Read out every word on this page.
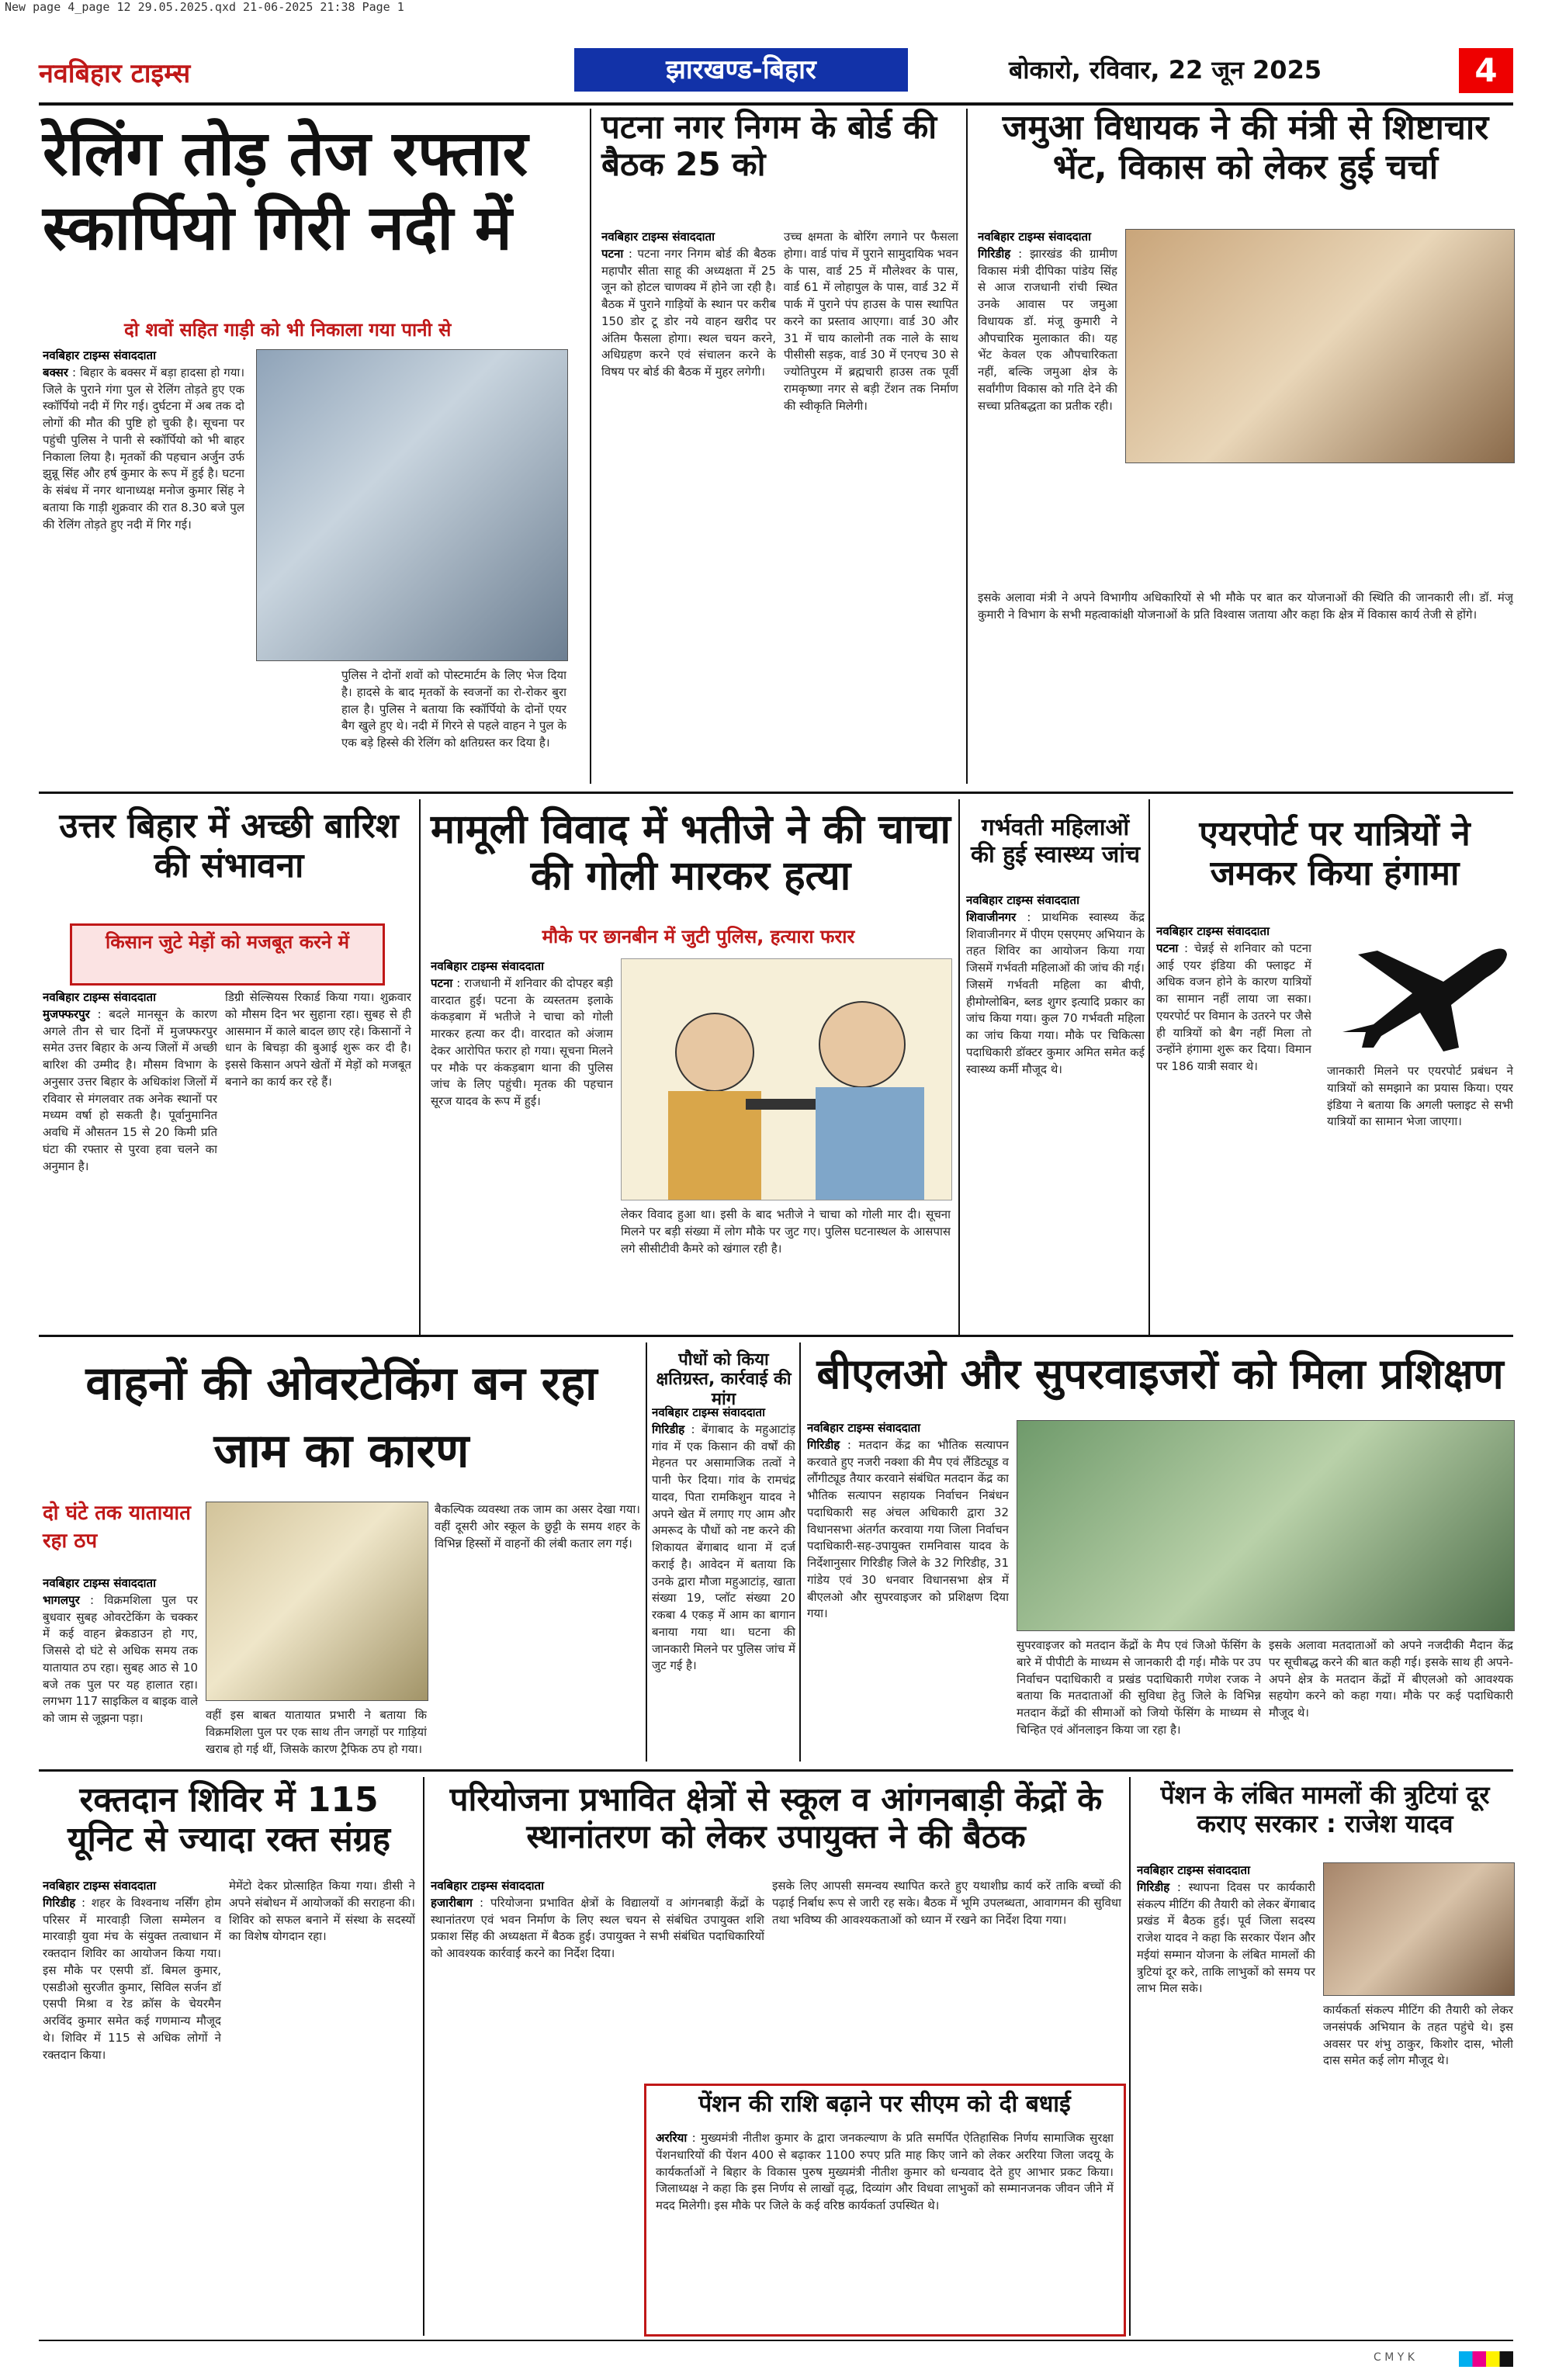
New page 4_page 12 29.05.2025.qxd 21-06-2025 21:38 Page 1
नवबिहार टाइम्स	झारखण्ड-बिहार	बोकारो, रविवार, 22 जून 2025	4
रेलिंग तोड़ तेज रफ्तार स्कार्पियो गिरी नदी में
दो शवों सहित गाड़ी को भी निकाला गया पानी से
नवबिहार टाइम्स संवाददाता
बक्सर : बिहार के बक्सर में बड़ा हादसा हो गया। जिले के पुराने गंगा पुल से रेलिंग तोड़ते हुए एक स्कॉर्पियो नदी में गिर गई। दुर्घटना में अब तक दो लोगों की मौत की पुष्टि हो चुकी है। सूचना पर पहुंची पुलिस ने पानी से स्कॉर्पियो को भी बाहर निकाला लिया है। मृतकों की पहचान अर्जुन उर्फ झुन्नू सिंह और हर्ष कुमार के रूप में हुई है। घटना के संबंध में नगर थानाध्यक्ष मनोज कुमार सिंह ने बताया कि गाड़ी शुक्रवार की रात 8.30 बजे पुल की रेलिंग तोड़ते हुए नदी में गिर गई।
पुलिस ने दोनों शवों को पोस्टमार्टम के लिए भेज दिया है। हादसे के बाद मृतकों के स्वजनों का रो-रोकर बुरा हाल है। पुलिस ने बताया कि स्कॉर्पियो के दोनों एयर बैग खुले हुए थे। नदी में गिरने से पहले वाहन ने पुल के एक बड़े हिस्से की रेलिंग को क्षतिग्रस्त कर दिया है।
पटना नगर निगम के बोर्ड की बैठक 25 को
नवबिहार टाइम्स संवाददाता
पटना : पटना नगर निगम बोर्ड की बैठक महापौर सीता साहू की अध्यक्षता में 25 जून को होटल चाणक्य में होने जा रही है। बैठक में पुराने गाड़ियों के स्थान पर करीब 150 डोर टू डोर नये वाहन खरीद पर अंतिम फैसला होगा। स्थल चयन करने, अधिग्रहण करने एवं संचालन करने के विषय पर बोर्ड की बैठक में मुहर लगेगी।
उच्च क्षमता के बोरिंग लगाने पर फैसला होगा। वार्ड पांच में पुराने सामुदायिक भवन के पास, वार्ड 25 में मौलेश्वर के पास, वार्ड 61 में लोहापुल के पास, वार्ड 32 में पार्क में पुराने पंप हाउस के पास स्थापित करने का प्रस्ताव आएगा। वार्ड 30 और 31 में चाय कालोनी तक नाले के साथ पीसीसी सड़क, वार्ड 30 में एनएच 30 से ज्योतिपुरम में ब्रह्मचारी हाउस तक पूर्वी रामकृष्णा नगर से बड़ी टेंशन तक निर्माण की स्वीकृति मिलेगी।
जमुआ विधायक ने की मंत्री से शिष्टाचार भेंट, विकास को लेकर हुई चर्चा
नवबिहार टाइम्स संवाददाता
गिरिडीह : झारखंड की ग्रामीण विकास मंत्री दीपिका पांडेय सिंह से आज राजधानी रांची स्थित उनके आवास पर जमुआ विधायक डॉ. मंजू कुमारी ने औपचारिक मुलाकात की। यह भेंट केवल एक औपचारिकता नहीं, बल्कि जमुआ क्षेत्र के सर्वांगीण विकास को गति देने की सच्चा प्रतिबद्धता का प्रतीक रही।
इसके अलावा मंत्री ने अपने विभागीय अधिकारियों से भी मौके पर बात कर योजनाओं की स्थिति की जानकारी ली। डॉ. मंजू कुमारी ने विभाग के सभी महत्वाकांक्षी योजनाओं के प्रति विश्वास जताया और कहा कि क्षेत्र में विकास कार्य तेजी से होंगे।
उत्तर बिहार में अच्छी बारिश की संभावना
किसान जुटे मेड़ों को मजबूत करने में
नवबिहार टाइम्स संवाददाता
मुजफ्फरपुर : बदले मानसून के कारण अगले तीन से चार दिनों में मुजफ्फरपुर समेत उत्तर बिहार के अन्य जिलों में अच्छी बारिश की उम्मीद है। मौसम विभाग के अनुसार उत्तर बिहार के अधिकांश जिलों में रविवार से मंगलवार तक अनेक स्थानों पर मध्यम वर्षा हो सकती है। पूर्वानुमानित अवधि में औसतन 15 से 20 किमी प्रति घंटा की रफ्तार से पुरवा हवा चलने का अनुमान है।
डिग्री सेल्सियस रिकार्ड किया गया। शुक्रवार को मौसम दिन भर सुहाना रहा। सुबह से ही आसमान में काले बादल छाए रहे। किसानों ने धान के बिचड़ा की बुआई शुरू कर दी है। इससे किसान अपने खेतों में मेड़ों को मजबूत बनाने का कार्य कर रहे हैं।
मामूली विवाद में भतीजे ने की चाचा की गोली मारकर हत्या
मौके पर छानबीन में जुटी पुलिस, हत्यारा फरार
नवबिहार टाइम्स संवाददाता
पटना : राजधानी में शनिवार की दोपहर बड़ी वारदात हुई। पटना के व्यस्ततम इलाके कंकड़बाग में भतीजे ने चाचा को गोली मारकर हत्या कर दी। वारदात को अंजाम देकर आरोपित फरार हो गया। सूचना मिलने पर मौके पर कंकड़बाग थाना की पुलिस जांच के लिए पहुंची। मृतक की पहचान सूरज यादव के रूप में हुई।
लेकर विवाद हुआ था। इसी के बाद भतीजे ने चाचा को गोली मार दी। सूचना मिलने पर बड़ी संख्या में लोग मौके पर जुट गए। पुलिस घटनास्थल के आसपास लगे सीसीटीवी कैमरे को खंगाल रही है।
गर्भवती महिलाओं की हुई स्वास्थ्य जांच
नवबिहार टाइम्स संवाददाता
शिवाजीनगर : प्राथमिक स्वास्थ्य केंद्र शिवाजीनगर में पीएम एसएमए अभियान के तहत शिविर का आयोजन किया गया जिसमें गर्भवती महिलाओं की जांच की गई। जिसमें गर्भवती महिला का बीपी, हीमोग्लोबिन, ब्लड शुगर इत्यादि प्रकार का जांच किया गया। कुल 70 गर्भवती महिला का जांच किया गया। मौके पर चिकित्सा पदाधिकारी डॉक्टर कुमार अमित समेत कई स्वास्थ्य कर्मी मौजूद थे।
एयरपोर्ट पर यात्रियों ने जमकर किया हंगामा
नवबिहार टाइम्स संवाददाता
पटना : चेन्नई से शनिवार को पटना आई एयर इंडिया की फ्लाइट में अधिक वजन होने के कारण यात्रियों का सामान नहीं लाया जा सका। एयरपोर्ट पर विमान के उतरने पर जैसे ही यात्रियों को बैग नहीं मिला तो उन्होंने हंगामा शुरू कर दिया। विमान पर 186 यात्री सवार थे।	जानकारी मिलने पर एयरपोर्ट प्रबंधन ने यात्रियों को समझाने का प्रयास किया। एयर इंडिया ने बताया कि अगली फ्लाइट से सभी यात्रियों का सामान भेजा जाएगा।
वाहनों की ओवरटेकिंग बन रहा जाम का कारण
दो घंटे तक यातायात रहा ठप
नवबिहार टाइम्स संवाददाता
भागलपुर : विक्रमशिला पुल पर बुधवार सुबह ओवरटेकिंग के चक्कर में कई वाहन ब्रेकडाउन हो गए, जिससे दो घंटे से अधिक समय तक यातायात ठप रहा। सुबह आठ से 10 बजे तक पुल पर यह हालात रहा। लगभग 117 साइकिल व बाइक वाले को जाम से जूझना पड़ा।	वहीं इस बाबत यातायात प्रभारी ने बताया कि विक्रमशिला पुल पर एक साथ तीन जगहों पर गाड़ियां खराब हो गई थीं, जिसके कारण ट्रैफिक ठप हो गया।
बैकल्पिक व्यवस्था तक जाम का असर देखा गया। वहीं दूसरी ओर स्कूल के छुट्टी के समय शहर के विभिन्न हिस्सों में वाहनों की लंबी कतार लग गई।
पौधों को किया क्षतिग्रस्त, कार्रवाई की मांग
नवबिहार टाइम्स संवाददाता
गिरिडीह : बेंगाबाद के महुआटांड़ गांव में एक किसान की वर्षों की मेहनत पर असामाजिक तत्वों ने पानी फेर दिया। गांव के रामचंद्र यादव, पिता रामकिशुन यादव ने अपने खेत में लगाए गए आम और अमरूद के पौधों को नष्ट करने की शिकायत बेंगाबाद थाना में दर्ज कराई है। आवेदन में बताया कि उनके द्वारा मौजा महुआटांड़, खाता संख्या 19, प्लॉट संख्या 20 रकबा 4 एकड़ में आम का बागान बनाया गया था। घटना की जानकारी मिलने पर पुलिस जांच में जुट गई है।
बीएलओ और सुपरवाइजरों को मिला प्रशिक्षण
नवबिहार टाइम्स संवाददाता
गिरिडीह : मतदान केंद्र का भौतिक सत्यापन करवाते हुए नजरी नक्शा की मैप एवं लैंडिट्यूड व लौंगीट्यूड तैयार करवाने संबंधित मतदान केंद्र का भौतिक सत्यापन सहायक निर्वाचन निबंधन पदाधिकारी सह अंचल अधिकारी द्वारा 32 विधानसभा अंतर्गत करवाया गया जिला निर्वाचन पदाधिकारी-सह-उपायुक्त रामनिवास यादव के निर्देशानुसार गिरिडीह जिले के 32 गिरिडीह, 31 गांडेय एवं 30 धनवार विधानसभा क्षेत्र में बीएलओ और सुपरवाइजर को प्रशिक्षण दिया गया।
सुपरवाइजर को मतदान केंद्रों के मैप एवं जिओ फेंसिंग के बारे में पीपीटी के माध्यम से जानकारी दी गई। मौके पर उप निर्वाचन पदाधिकारी व प्रखंड पदाधिकारी गणेश रजक ने बताया कि मतदाताओं की सुविधा हेतु जिले के विभिन्न मतदान केंद्रों की सीमाओं को जियो फेंसिंग के माध्यम से चिन्हित एवं ऑनलाइन किया जा रहा है।
इसके अलावा मतदाताओं को अपने नजदीकी मैदान केंद्र पर सूचीबद्ध करने की बात कही गई। इसके साथ ही अपने-अपने क्षेत्र के मतदान केंद्रों में बीएलओ को आवश्यक सहयोग करने को कहा गया। मौके पर कई पदाधिकारी मौजूद थे।
रक्तदान शिविर में 115 यूनिट से ज्यादा रक्त संग्रह
नवबिहार टाइम्स संवाददाता
गिरिडीह : शहर के विश्वनाथ नर्सिंग होम परिसर में मारवाड़ी जिला सम्मेलन व मारवाड़ी युवा मंच के संयुक्त तत्वाधान में रक्तदान शिविर का आयोजन किया गया। इस मौके पर एसपी डॉ. बिमल कुमार, एसडीओ सुरजीत कुमार, सिविल सर्जन डॉ एसपी मिश्रा व रेड क्रॉस के चेयरमैन अरविंद कुमार समेत कई गणमान्य मौजूद थे। शिविर में 115 से अधिक लोगों ने रक्तदान किया।
मेमेंटो देकर प्रोत्साहित किया गया। डीसी ने अपने संबोधन में आयोजकों की सराहना की। शिविर को सफल बनाने में संस्था के सदस्यों का विशेष योगदान रहा।
परियोजना प्रभावित क्षेत्रों से स्कूल व आंगनबाड़ी केंद्रों के स्थानांतरण को लेकर उपायुक्त ने की बैठक
नवबिहार टाइम्स संवाददाता
हजारीबाग : परियोजना प्रभावित क्षेत्रों के विद्यालयों व आंगनबाड़ी केंद्रों के स्थानांतरण एवं भवन निर्माण के लिए स्थल चयन से संबंधित उपायुक्त शशि प्रकाश सिंह की अध्यक्षता में बैठक हुई। उपायुक्त ने सभी संबंधित पदाधिकारियों को आवश्यक कार्रवाई करने का निर्देश दिया।
इसके लिए आपसी समन्वय स्थापित करते हुए यथाशीघ्र कार्य करें ताकि बच्चों की पढ़ाई निर्बाध रूप से जारी रह सके। बैठक में भूमि उपलब्धता, आवागमन की सुविधा तथा भविष्य की आवश्यकताओं को ध्यान में रखने का निर्देश दिया गया।
पेंशन की राशि बढ़ाने पर सीएम को दी बधाई
अररिया : मुख्यमंत्री नीतीश कुमार के द्वारा जनकल्याण के प्रति समर्पित ऐतिहासिक निर्णय सामाजिक सुरक्षा पेंशनधारियों की पेंशन 400 से बढ़ाकर 1100 रुपए प्रति माह किए जाने को लेकर अररिया जिला जदयू के कार्यकर्ताओं ने बिहार के विकास पुरुष मुख्यमंत्री नीतीश कुमार को धन्यवाद देते हुए आभार प्रकट किया। जिलाध्यक्ष ने कहा कि इस निर्णय से लाखों वृद्ध, दिव्यांग और विधवा लाभुकों को सम्मानजनक जीवन जीने में मदद मिलेगी। इस मौके पर जिले के कई वरिष्ठ कार्यकर्ता उपस्थित थे।
पेंशन के लंबित मामलों की त्रुटियां दूर कराए सरकार : राजेश यादव
नवबिहार टाइम्स संवाददाता
गिरिडीह : स्थापना दिवस पर कार्यकारी संकल्प मीटिंग की तैयारी को लेकर बेंगाबाद प्रखंड में बैठक हुई। पूर्व जिला सदस्य राजेश यादव ने कहा कि सरकार पेंशन और मईयां सम्मान योजना के लंबित मामलों की त्रुटियां दूर करे, ताकि लाभुकों को समय पर लाभ मिल सके।
कार्यकर्ता संकल्प मीटिंग की तैयारी को लेकर जनसंपर्क अभियान के तहत पहुंचे थे। इस अवसर पर शंभु ठाकुर, किशोर दास, भोली दास समेत कई लोग मौजूद थे।
C M Y K
